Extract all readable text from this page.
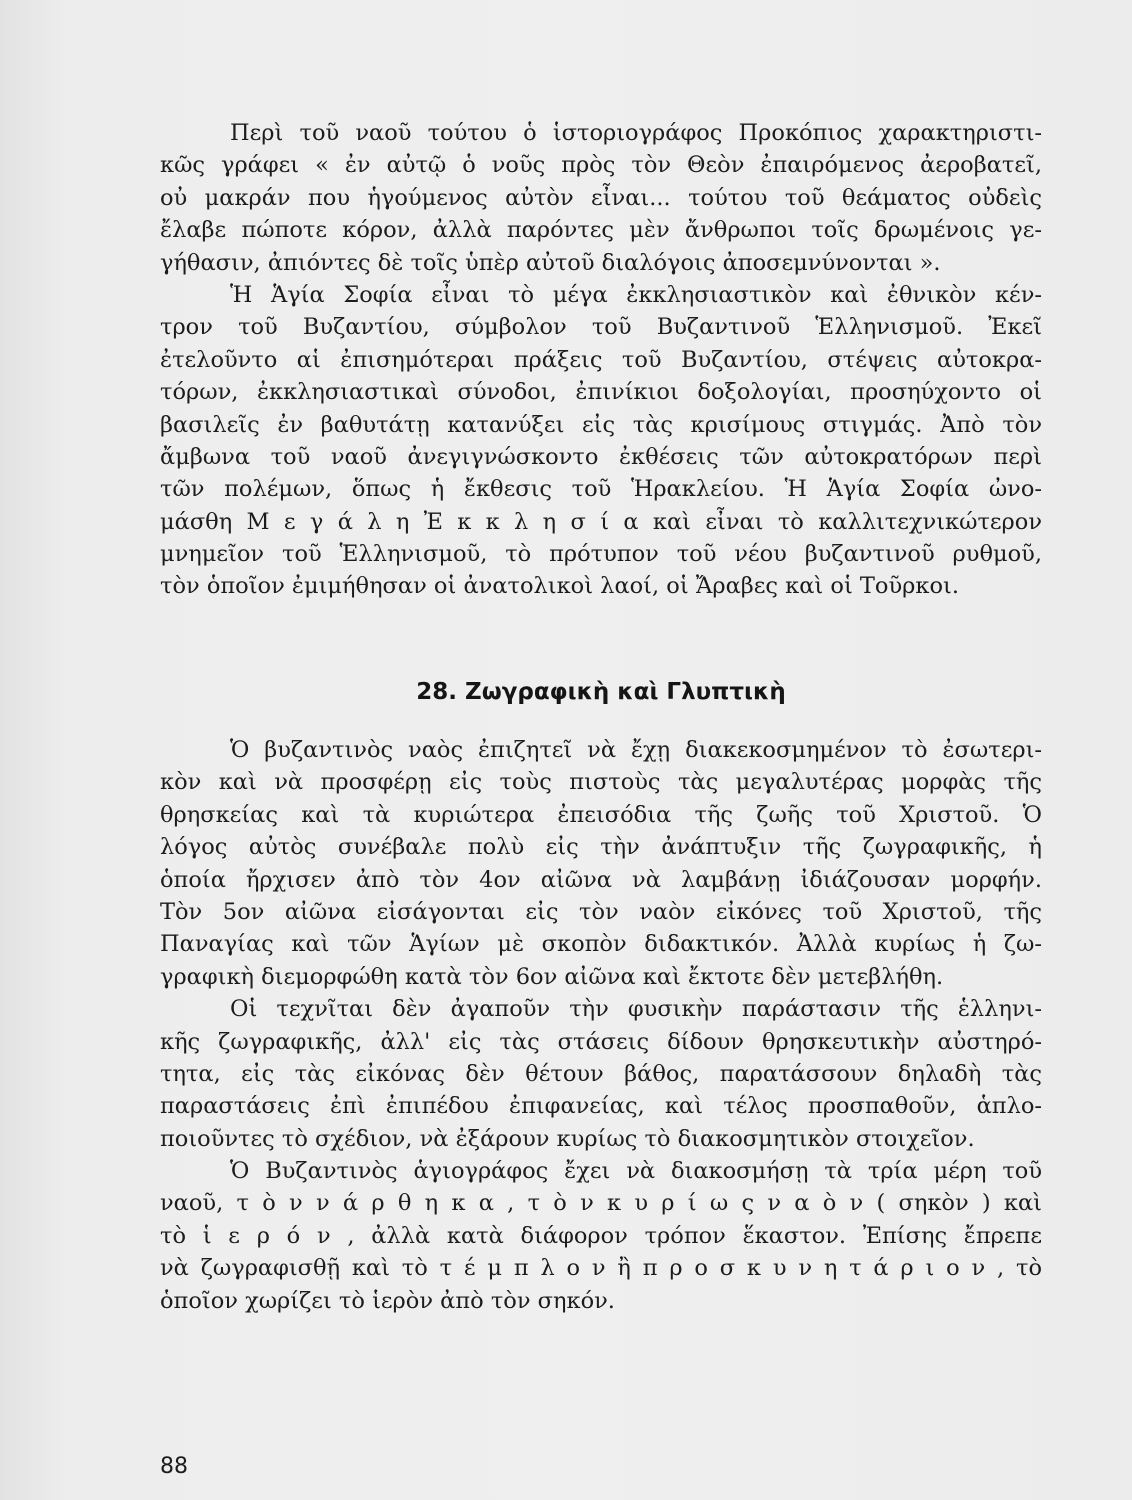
Περὶ τοῦ ναοῦ τούτου ὁ ἱστοριογράφος Προκόπιος χαρακτηριστι-
κῶς γράφει « ἐν αὐτῷ ὁ νοῦς πρὸς τὸν Θεὸν ἐπαιρόμενος ἀεροβατεῖ,
οὐ μακράν που ἡγούμενος αὐτὸν εἶναι... τούτου τοῦ θεάματος οὐδεὶς
ἔλαβε πώποτε κόρον, ἀλλὰ παρόντες μὲν ἄνθρωποι τοῖς δρωμένοις γε-
γήθασιν, ἀπιόντες δὲ τοῖς ὑπὲρ αὐτοῦ διαλόγοις ἀποσεμνύνονται ».

Ἡ Ἁγία Σοφία εἶναι τὸ μέγα ἐκκλησιαστικὸν καὶ ἐθνικὸν κέν-
τρον τοῦ Βυζαντίου, σύμβολον τοῦ Βυζαντινοῦ Ἑλληνισμοῦ. Ἐκεῖ
ἐτελοῦντο αἱ ἐπισημότεραι πράξεις τοῦ Βυζαντίου, στέψεις αὐτοκρα-
τόρων, ἐκκλησιαστικαὶ σύνοδοι, ἐπινίκιοι δοξολογίαι, προσηύχοντο οἱ
βασιλεῖς ἐν βαθυτάτῃ κατανύξει εἰς τὰς κρισίμους στιγμάς. Ἀπὸ τὸν
ἄμβωνα τοῦ ναοῦ ἀνεγιγνώσκοντο ἐκθέσεις τῶν αὐτοκρατόρων περὶ
τῶν πολέμων, ὅπως ἡ ἔκθεσις τοῦ Ἡρακλείου. Ἡ Ἁγία Σοφία ὠνο-
μάσθη Μ ε γ ά λ η Ἐ κ κ λ η σ ί α καὶ εἶναι τὸ καλλιτεχνικώτερον
μνημεῖον τοῦ Ἑλληνισμοῦ, τὸ πρότυπον τοῦ νέου βυζαντινοῦ ρυθμοῦ,
τὸν ὁποῖον ἐμιμήθησαν οἱ ἀνατολικοὶ λαοί, οἱ Ἄραβες καὶ οἱ Τοῦρκοι.

28. Ζωγραφικὴ καὶ Γλυπτικὴ

Ὁ βυζαντινὸς ναὸς ἐπιζητεῖ νὰ ἔχῃ διακεκοσμημένον τὸ ἐσωτερι-
κὸν καὶ νὰ προσφέρῃ εἰς τοὺς πιστοὺς τὰς μεγαλυτέρας μορφὰς τῆς
θρησκείας καὶ τὰ κυριώτερα ἐπεισόδια τῆς ζωῆς τοῦ Χριστοῦ. Ὁ
λόγος αὐτὸς συνέβαλε πολὺ εἰς τὴν ἀνάπτυξιν τῆς ζωγραφικῆς, ἡ
ὁποία ἤρχισεν ἀπὸ τὸν 4ον αἰῶνα νὰ λαμβάνῃ ἰδιάζουσαν μορφήν.
Τὸν 5ον αἰῶνα εἰσάγονται εἰς τὸν ναὸν εἰκόνες τοῦ Χριστοῦ, τῆς
Παναγίας καὶ τῶν Ἁγίων μὲ σκοπὸν διδακτικόν. Ἀλλὰ κυρίως ἡ ζω-
γραφικὴ διεμορφώθη κατὰ τὸν 6ον αἰῶνα καὶ ἔκτοτε δὲν μετεβλήθη.

Οἱ τεχνῖται δὲν ἀγαποῦν τὴν φυσικὴν παράστασιν τῆς ἑλληνι-
κῆς ζωγραφικῆς, ἀλλ' εἰς τὰς στάσεις δίδουν θρησκευτικὴν αὐστηρό-
τητα, εἰς τὰς εἰκόνας δὲν θέτουν βάθος, παρατάσσουν δηλαδὴ τὰς
παραστάσεις ἐπὶ ἐπιπέδου ἐπιφανείας, καὶ τέλος προσπαθοῦν, ἁπλο-
ποιοῦντες τὸ σχέδιον, νὰ ἐξάρουν κυρίως τὸ διακοσμητικὸν στοιχεῖον.

Ὁ Βυζαντινὸς ἁγιογράφος ἔχει νὰ διακοσμήσῃ τὰ τρία μέρη τοῦ
ναοῦ, τ ὸ ν ν ά ρ θ η κ α , τ ὸ ν κ υ ρ ί ω ς ν α ὸ ν ( σηκὸν ) καὶ
τὸ ἱ ε ρ ό ν , ἀλλὰ κατὰ διάφορον τρόπον ἕκαστον. Ἐπίσης ἔπρεπε
νὰ ζωγραφισθῇ καὶ τὸ τ έ μ π λ ο ν ἢ π ρ ο σ κ υ ν η τ ά ρ ι ο ν , τὸ
ὁποῖον χωρίζει τὸ ἱερὸν ἀπὸ τὸν σηκόν.

88
